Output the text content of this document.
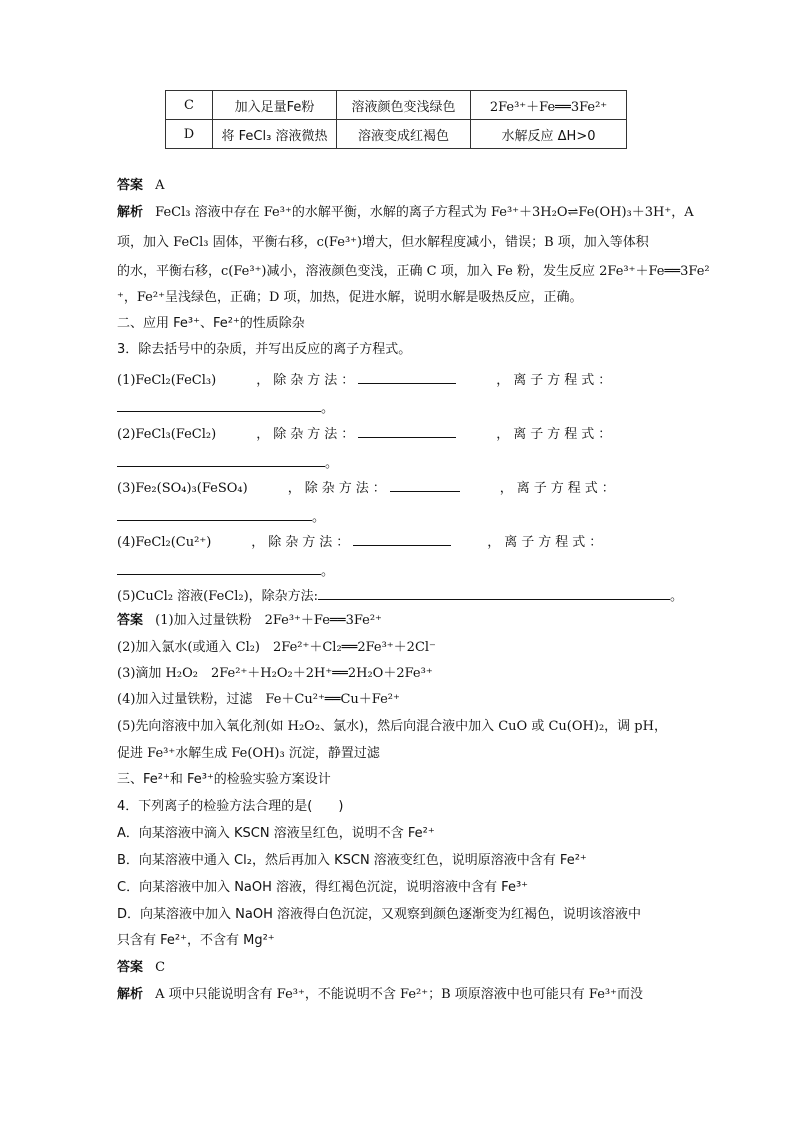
C	加入足量Fe粉	溶液颜色变浅绿色	2Fe³⁺＋Fe══3Fe²⁺
D	将 FeCl₃ 溶液微热	溶液变成红褐色	水解反应 ΔH>0
答案 A
解析 FeCl₃ 溶液中存在 Fe³⁺的水解平衡，水解的离子方程式为 Fe³⁺＋3H₂O⇌Fe(OH)₃＋3H⁺，A
项，加入 FeCl₃ 固体，平衡右移，c(Fe³⁺)增大，但水解程度减小，错误；B 项，加入等体积
的水，平衡右移，c(Fe³⁺)减小，溶液颜色变浅，正确 C 项，加入 Fe 粉，发生反应 2Fe³⁺＋Fe══3Fe²
⁺，Fe²⁺呈浅绿色，正确；D 项，加热，促进水解，说明水解是吸热反应，正确。
二、应用 Fe³⁺、Fe²⁺的性质除杂
3．除去括号中的杂质，并写出反应的离子方程式。
(1)FeCl₂(FeCl₃)	，除杂方法：	，离子方程式：
。
(2)FeCl₃(FeCl₂)	，除杂方法：	，离子方程式：
。
(3)Fe₂(SO₄)₃(FeSO₄)	，除杂方法：	，离子方程式：
。
(4)FeCl₂(Cu²⁺)	，除杂方法：	，离子方程式：
。
(5)CuCl₂ 溶液(FeCl₂)，除杂方法:	。
答案 (1)加入过量铁粉　2Fe³⁺＋Fe══3Fe²⁺
(2)加入氯水(或通入 Cl₂)　2Fe²⁺＋Cl₂══2Fe³⁺＋2Cl⁻
(3)滴加 H₂O₂　2Fe²⁺＋H₂O₂＋2H⁺══2H₂O＋2Fe³⁺
(4)加入过量铁粉，过滤　Fe＋Cu²⁺══Cu＋Fe²⁺
(5)先向溶液中加入氧化剂(如 H₂O₂、氯水)，然后向混合液中加入 CuO 或 Cu(OH)₂，调 pH，
促进 Fe³⁺水解生成 Fe(OH)₃ 沉淀，静置过滤
三、Fe²⁺和 Fe³⁺的检验实验方案设计
4．下列离子的检验方法合理的是(　　)
A．向某溶液中滴入 KSCN 溶液呈红色，说明不含 Fe²⁺
B．向某溶液中通入 Cl₂，然后再加入 KSCN 溶液变红色，说明原溶液中含有 Fe²⁺
C．向某溶液中加入 NaOH 溶液，得红褐色沉淀，说明溶液中含有 Fe³⁺
D．向某溶液中加入 NaOH 溶液得白色沉淀，又观察到颜色逐渐变为红褐色，说明该溶液中
只含有 Fe²⁺，不含有 Mg²⁺
答案 C
解析 A 项中只能说明含有 Fe³⁺，不能说明不含 Fe²⁺；B 项原溶液中也可能只有 Fe³⁺而没
